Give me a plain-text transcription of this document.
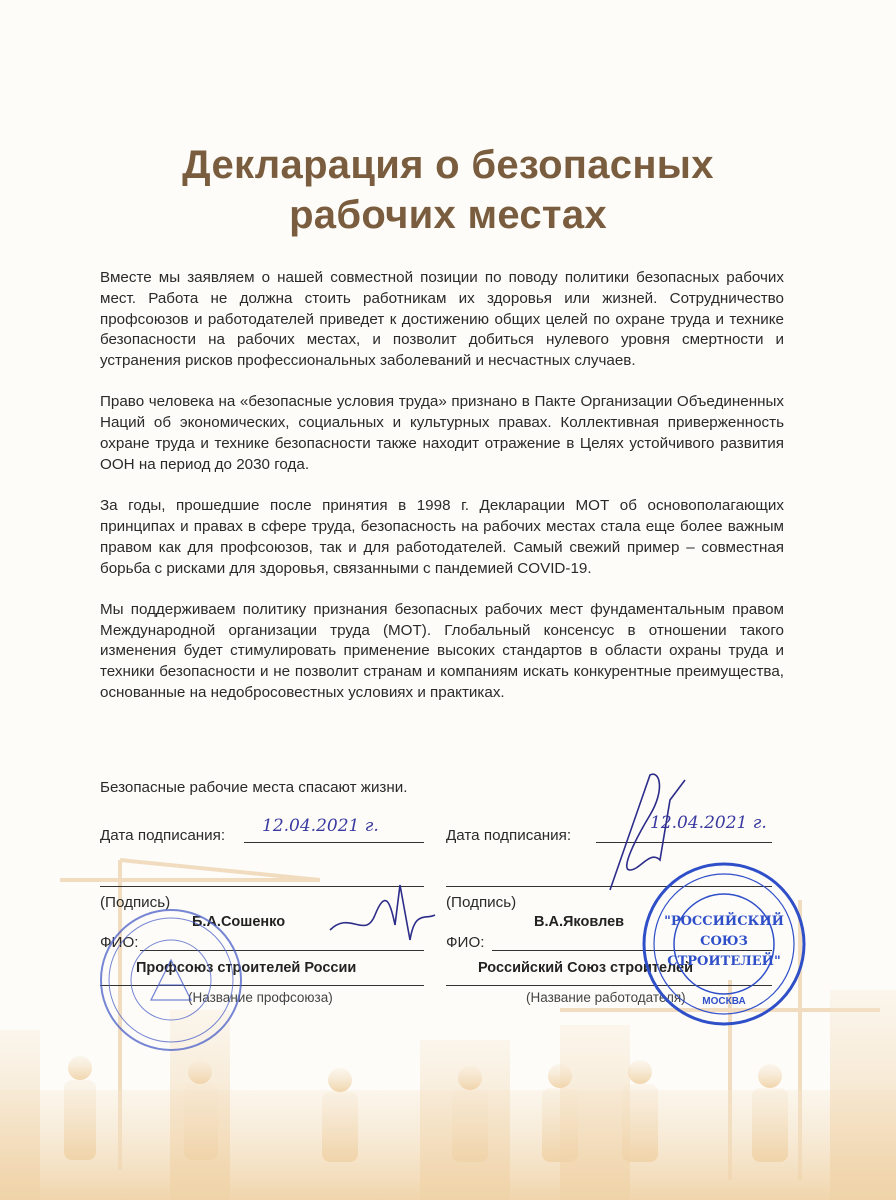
Декларация о безопасных
рабочих местах

Вместе мы заявляем о нашей совместной позиции по поводу политики безопасных рабочих мест. Работа не должна стоить работникам их здоровья или жизней. Сотрудничество профсоюзов и работодателей приведет к достижению общих целей по охране труда и технике безопасности на рабочих местах, и позволит добиться нулевого уровня смертности и устранения рисков профессиональных заболеваний и несчастных случаев.

Право человека на «безопасные условия труда» признано в Пакте Организации Объединенных Наций об экономических, социальных и культурных правах. Коллективная приверженность охране труда и технике безопасности также находит отражение в Целях устойчивого развития ООН на период до 2030 года.

За годы, прошедшие после принятия в 1998 г. Декларации МОТ об основополагающих принципах и правах в сфере труда, безопасность на рабочих местах стала еще более важным правом как для профсоюзов, так и для работодателей. Самый свежий пример – совместная борьба с рисками для здоровья, связанными с пандемией COVID-19.

Мы поддерживаем политику признания безопасных рабочих мест фундаментальным правом Международной организации труда (МОТ). Глобальный консенсус в отношении такого изменения будет стимулировать применение высоких стандартов в области охраны труда и техники безопасности и не позволит странам и компаниям искать конкурентные преимущества, основанные на недобросовестных условиях и практиках.

Безопасные рабочие места спасают жизни.
Дата подписания: 12.04.2021 г.
(Подпись)
ФИО:
Б.А.Сошенко
Профсоюз строителей России
(Название профсоюза)
Дата подписания:
12.04.2021 г.
(Подпись)
ФИО:
В.А.Яковлев
Российский Союз строителей
(Название работодателя)
"РОССИЙСКИЙ
СОЮЗ
СТРОИТЕЛЕЙ"
МОСКВА
